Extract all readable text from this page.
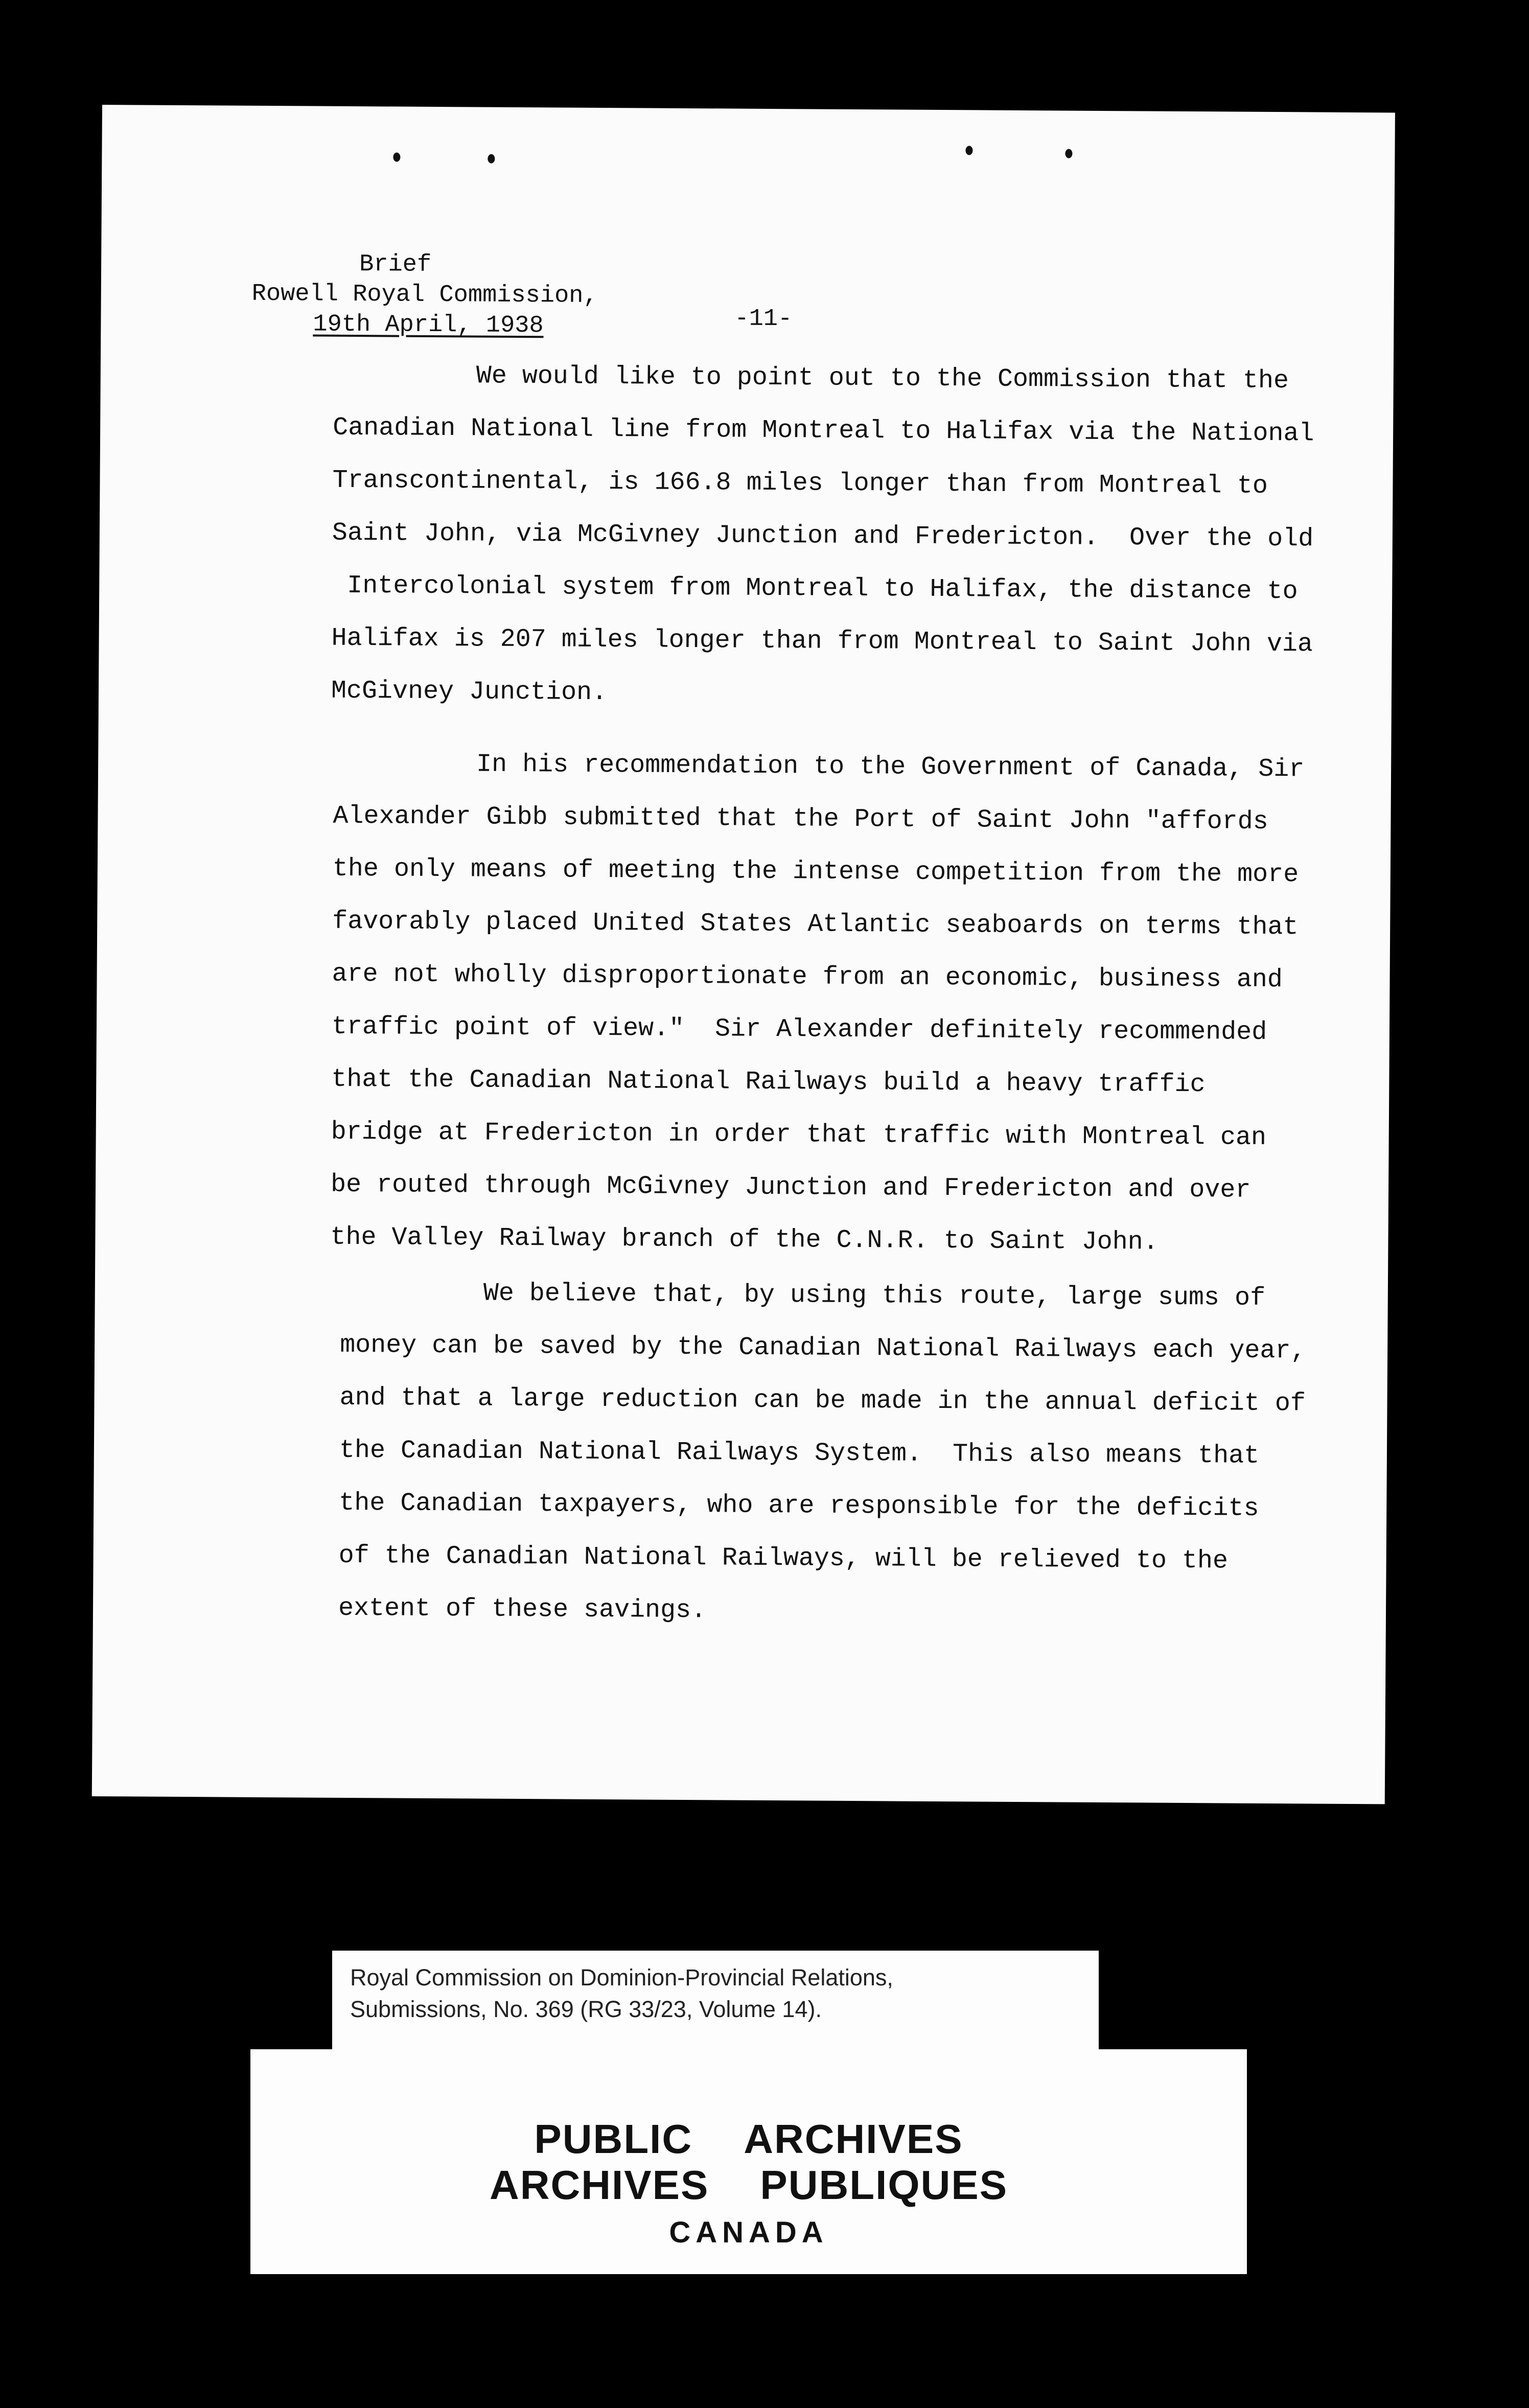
Brief

Rowell Royal Commission,

19th April, 1938

	-11-

We would like to point out to the Commission that the

Canadian National line from Montreal to Halifax via the National

Transcontinental, is 166.8 miles longer than from Montreal to

Saint John, via McGivney Junction and Fredericton.  Over the old

Intercolonial system from Montreal to Halifax, the distance to

Halifax is 207 miles longer than from Montreal to Saint John via

McGivney Junction.

In his recommendation to the Government of Canada, Sir

Alexander Gibb submitted that the Port of Saint John "affords

the only means of meeting the intense competition from the more

favorably placed United States Atlantic seaboards on terms that

are not wholly disproportionate from an economic, business and

traffic point of view."  Sir Alexander definitely recommended

that the Canadian National Railways build a heavy traffic

bridge at Fredericton in order that traffic with Montreal can

be routed through McGivney Junction and Fredericton and over

the Valley Railway branch of the C.N.R. to Saint John.

We believe that, by using this route, large sums of

money can be saved by the Canadian National Railways each year,

and that a large reduction can be made in the annual deficit of

the Canadian National Railways System.  This also means that

the Canadian taxpayers, who are responsible for the deficits

of the Canadian National Railways, will be relieved to the

extent of these savings.

Royal Commission on Dominion-Provincial Relations,
Submissions, No. 369 (RG 33/23, Volume 14).
PUBLIC ARCHIVES
ARCHIVES PUBLIQUES
CANADA
